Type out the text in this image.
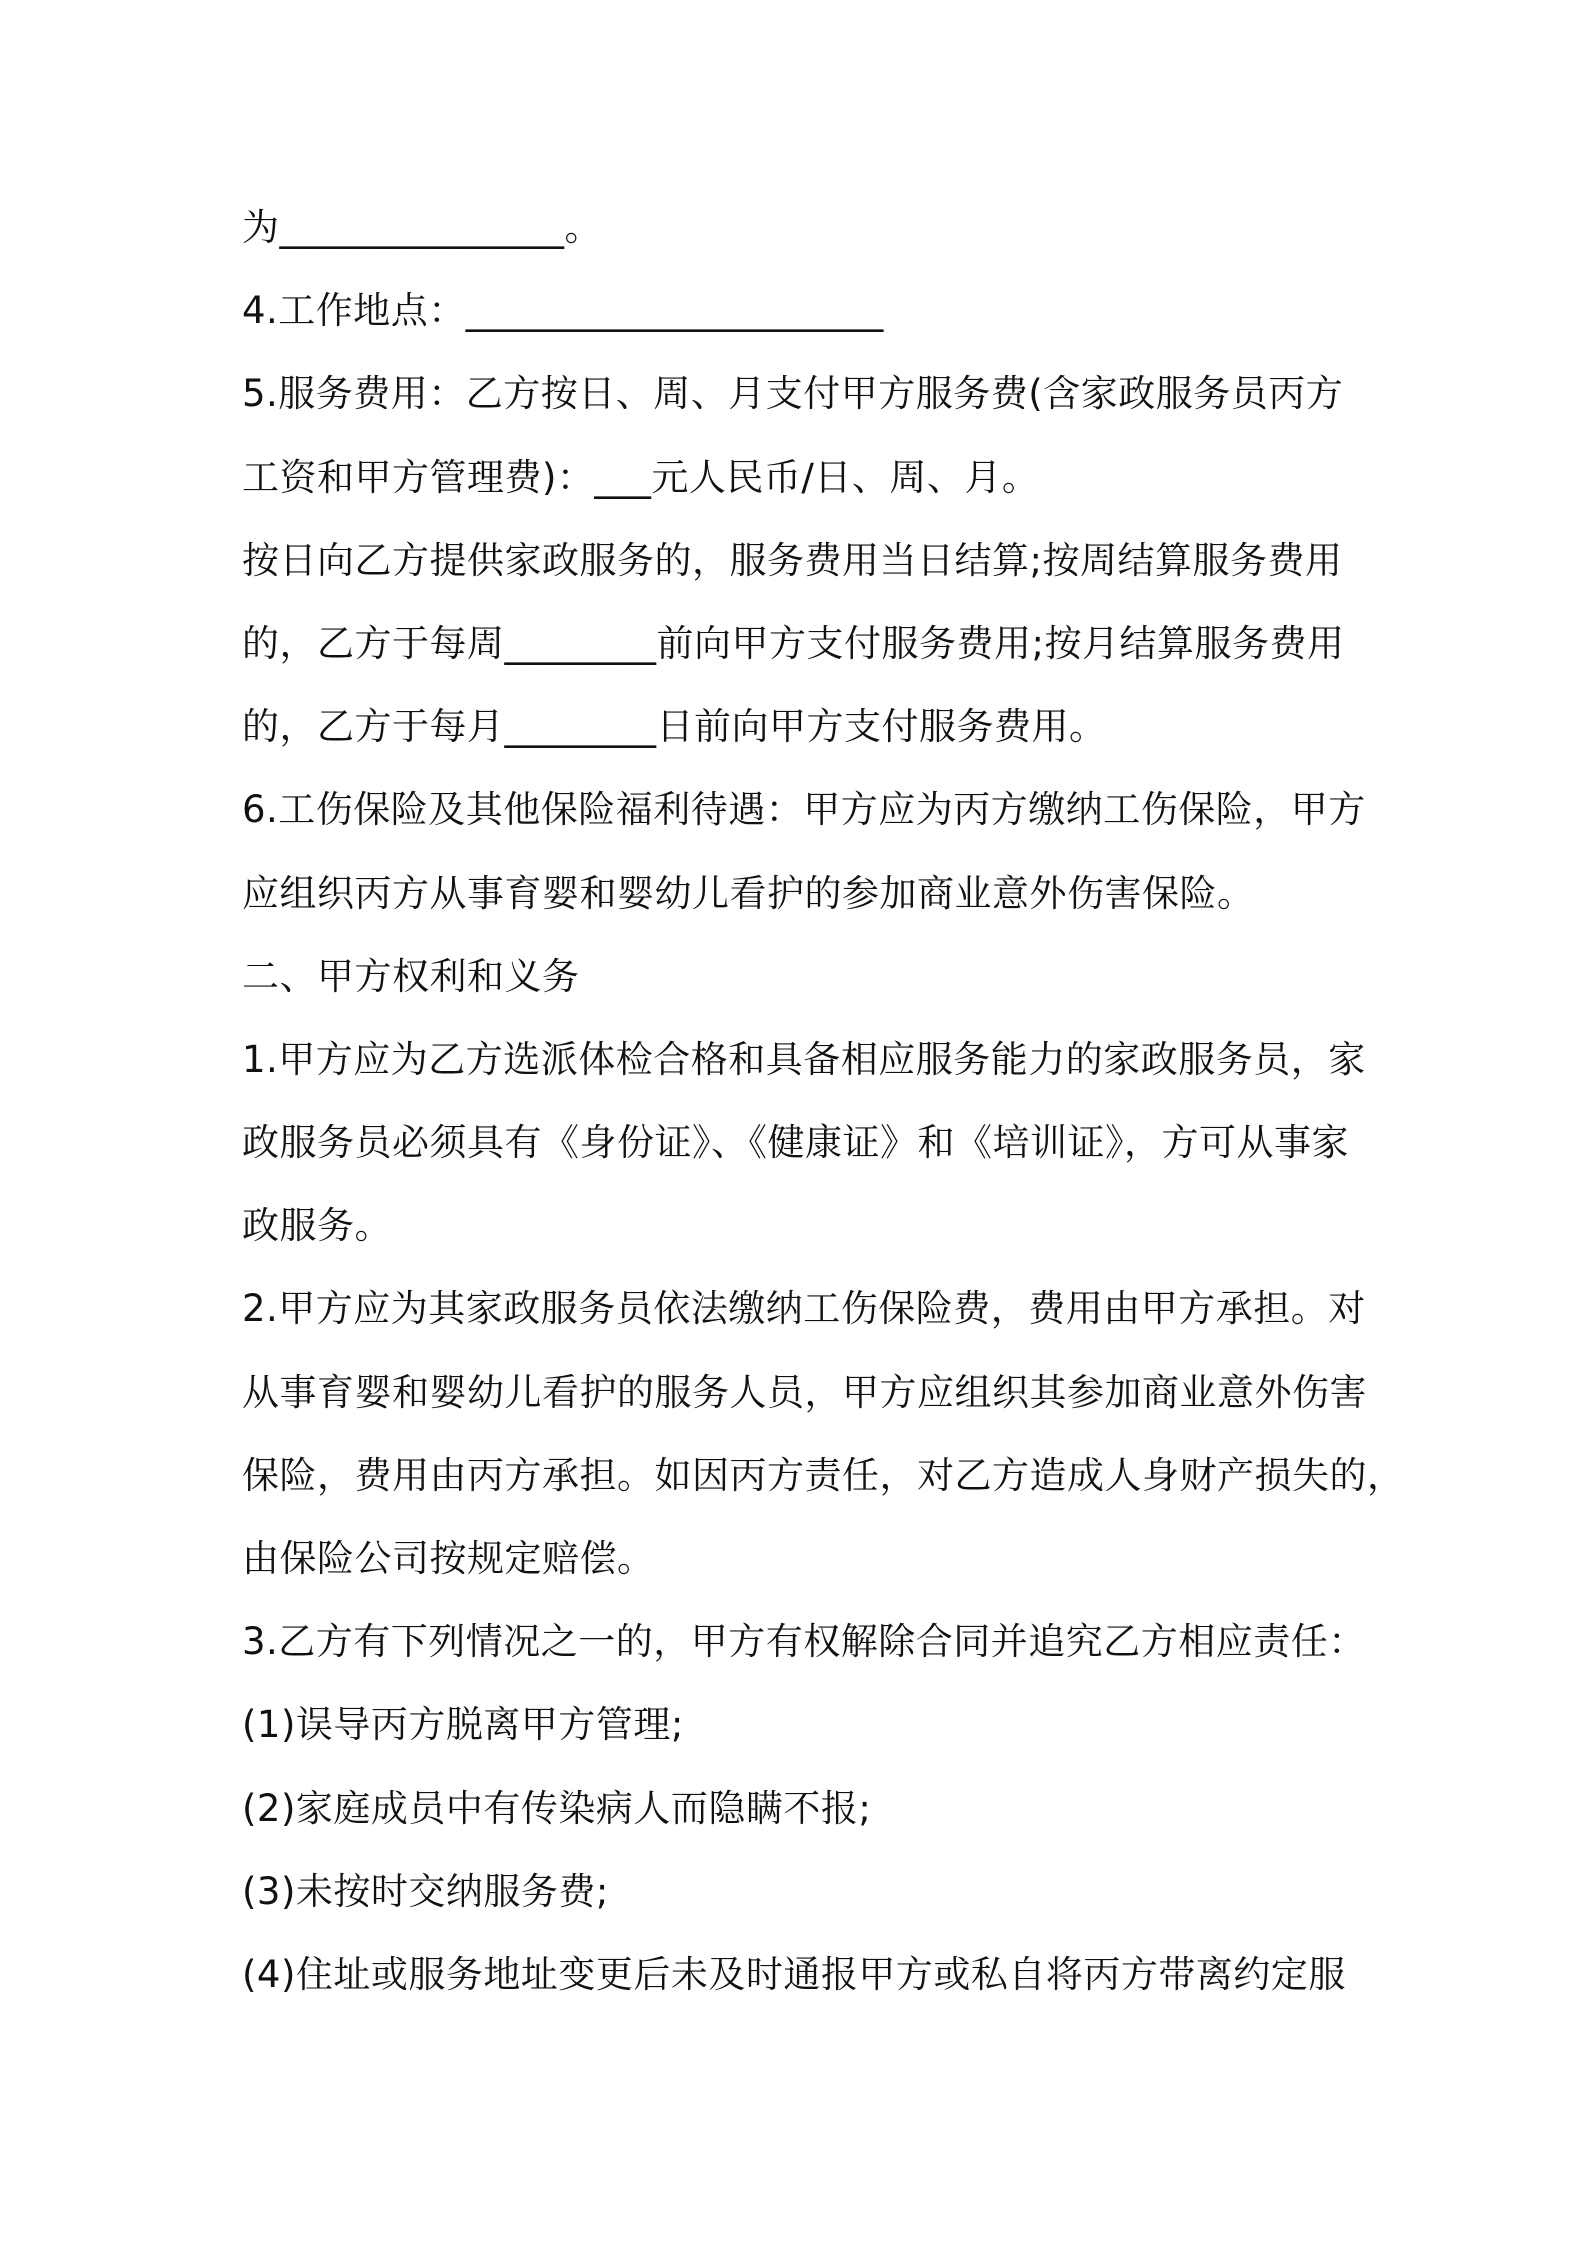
为_______________。
4.工作地点：______________________
5.服务费用：乙方按日、周、月支付甲方服务费(含家政服务员丙方
工资和甲方管理费)：___元人民币/日、周、月。
按日向乙方提供家政服务的，服务费用当日结算;按周结算服务费用
的，乙方于每周________前向甲方支付服务费用;按月结算服务费用
的，乙方于每月________日前向甲方支付服务费用。
6.工伤保险及其他保险福利待遇：甲方应为丙方缴纳工伤保险，甲方
应组织丙方从事育婴和婴幼儿看护的参加商业意外伤害保险。
二、甲方权利和义务
1.甲方应为乙方选派体检合格和具备相应服务能力的家政服务员，家
政服务员必须具有《身份证》、《健康证》和《培训证》，方可从事家
政服务。
2.甲方应为其家政服务员依法缴纳工伤保险费，费用由甲方承担。对
从事育婴和婴幼儿看护的服务人员，甲方应组织其参加商业意外伤害
保险，费用由丙方承担。如因丙方责任，对乙方造成人身财产损失的，
由保险公司按规定赔偿。
3.乙方有下列情况之一的，甲方有权解除合同并追究乙方相应责任：
(1)误导丙方脱离甲方管理;
(2)家庭成员中有传染病人而隐瞒不报;
(3)未按时交纳服务费;
(4)住址或服务地址变更后未及时通报甲方或私自将丙方带离约定服
